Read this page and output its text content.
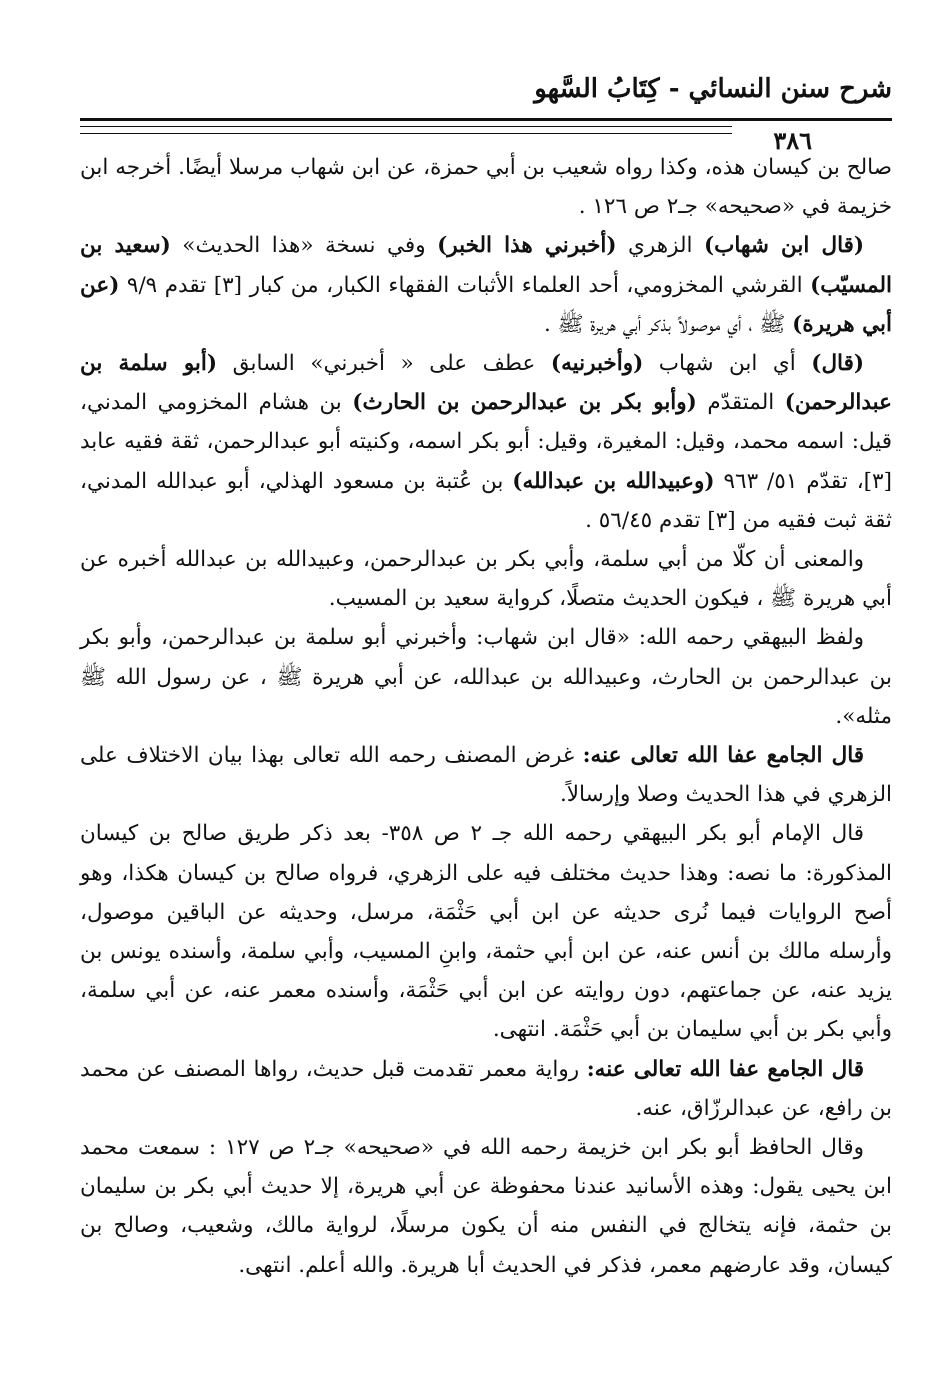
شرح سنن النسائي - كِتَابُ السَّهو
٣٨٦

صالح بن كيسان هذه، وكذا رواه شعيب بن أبي حمزة، عن ابن شهاب مرسلا أيضًا. أخرجه ابن خزيمة في «صحيحه» جـ٢ ص ١٢٦ .

(قال ابن شهاب) الزهري (أخبرني هذا الخبر) وفي نسخة «هذا الحديث» (سعيد بن المسيّب) القرشي المخزومي، أحد العلماء الأثبات الفقهاء الكبار، من كبار [٣] تقدم ٩/٩ (عن أبي هريرة) ﷺ ، أي موصولاً بذكر أبي هريرة ﷺ .

(قال) أي ابن شهاب (وأخبرنيه) عطف على « أخبرني» السابق (أبو سلمة بن عبدالرحمن) المتقدّم (وأبو بكر بن عبدالرحمن بن الحارث) بن هشام المخزومي المدني، قيل: اسمه محمد، وقيل: المغيرة، وقيل: أبو بكر اسمه، وكنيته أبو عبدالرحمن، ثقة فقيه عابد [٣]، تقدّم ٥١/ ٩٦٣ (وعبيدالله بن عبدالله) بن عُتبة بن مسعود الهذلي، أبو عبدالله المدني، ثقة ثبت فقيه من [٣] تقدم ٥٦/٤٥ .

والمعنى أن كلّا من أبي سلمة، وأبي بكر بن عبدالرحمن، وعبيدالله بن عبدالله أخبره عن أبي هريرة ﷺ ، فيكون الحديث متصلًا، كرواية سعيد بن المسيب.

ولفظ البيهقي رحمه الله: «قال ابن شهاب: وأخبرني أبو سلمة بن عبدالرحمن، وأبو بكر بن عبدالرحمن بن الحارث، وعبيدالله بن عبدالله، عن أبي هريرة ﷺ ، عن رسول الله ﷺ مثله».

قال الجامع عفا الله تعالى عنه: غرض المصنف رحمه الله تعالى بهذا بيان الاختلاف على الزهري في هذا الحديث وصلا وإرسالاً.

قال الإمام أبو بكر البيهقي رحمه الله جـ ٢ ص ٣٥٨- بعد ذكر طريق صالح بن كيسان المذكورة: ما نصه: وهذا حديث مختلف فيه على الزهري، فرواه صالح بن كيسان هكذا، وهو أصح الروايات فيما نُرى حديثه عن ابن أبي حَثْمَة، مرسل، وحديثه عن الباقين موصول، وأرسله مالك بن أنس عنه، عن ابن أبي حثمة، وابنِ المسيب، وأبي سلمة، وأسنده يونس بن يزيد عنه، عن جماعتهم، دون روايته عن ابن أبي حَثْمَة، وأسنده معمر عنه، عن أبي سلمة، وأبي بكر بن أبي سليمان بن أبي حَثْمَة. انتهى.

قال الجامع عفا الله تعالى عنه: رواية معمر تقدمت قبل حديث، رواها المصنف عن محمد بن رافع، عن عبدالرزّاق، عنه.

وقال الحافظ أبو بكر ابن خزيمة رحمه الله في «صحيحه» جـ٢ ص ١٢٧ : سمعت محمد ابن يحيى يقول: وهذه الأسانيد عندنا محفوظة عن أبي هريرة، إلا حديث أبي بكر بن سليمان بن حثمة، فإنه يتخالج في النفس منه أن يكون مرسلًا، لرواية مالك، وشعيب، وصالح بن كيسان، وقد عارضهم معمر، فذكر في الحديث أبا هريرة. والله أعلم. انتهى.
